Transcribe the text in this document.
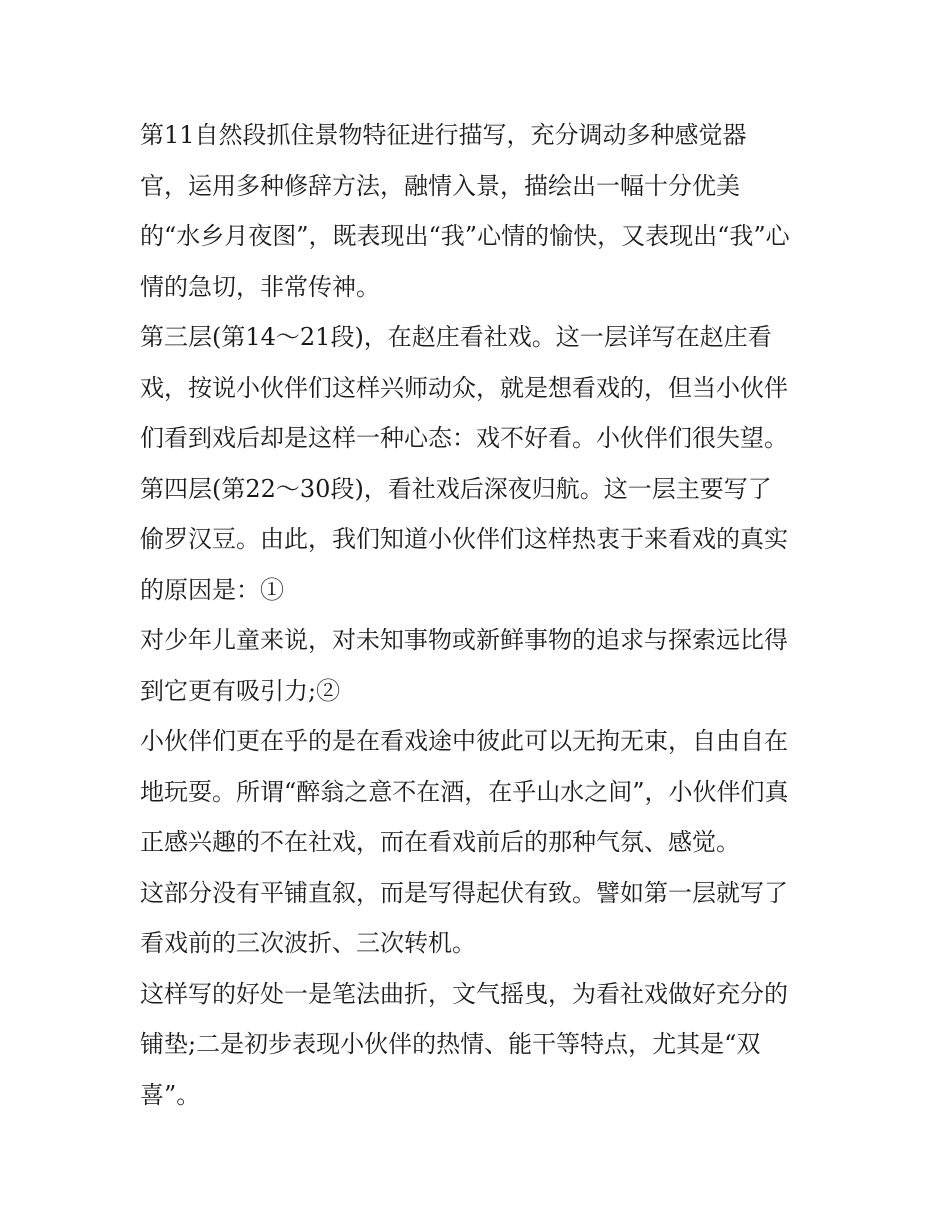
第11自然段抓住景物特征进行描写，充分调动多种感觉器
官，运用多种修辞方法，融情入景，描绘出一幅十分优美
的“水乡月夜图”，既表现出“我”心情的愉快，又表现出“我”心
情的急切，非常传神。
第三层(第14～21段)，在赵庄看社戏。这一层详写在赵庄看
戏，按说小伙伴们这样兴师动众，就是想看戏的，但当小伙伴
们看到戏后却是这样一种心态：戏不好看。小伙伴们很失望。
第四层(第22～30段)，看社戏后深夜归航。这一层主要写了
偷罗汉豆。由此，我们知道小伙伴们这样热衷于来看戏的真实
的原因是：①
对少年儿童来说，对未知事物或新鲜事物的追求与探索远比得
到它更有吸引力;②
小伙伴们更在乎的是在看戏途中彼此可以无拘无束，自由自在
地玩耍。所谓“醉翁之意不在酒，在乎山水之间”，小伙伴们真
正感兴趣的不在社戏，而在看戏前后的那种气氛、感觉。
这部分没有平铺直叙，而是写得起伏有致。譬如第一层就写了
看戏前的三次波折、三次转机。
这样写的好处一是笔法曲折，文气摇曳，为看社戏做好充分的
铺垫;二是初步表现小伙伴的热情、能干等特点，尤其是“双
喜”。
